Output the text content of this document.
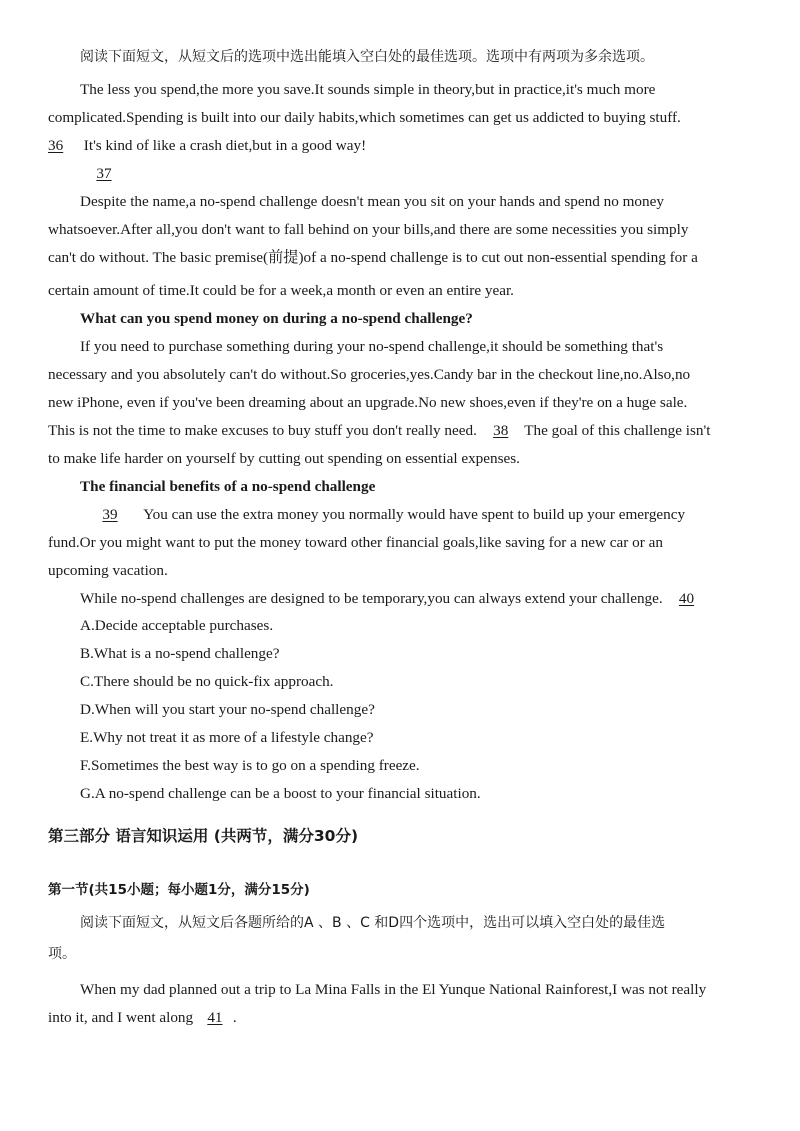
阅读下面短文，从短文后的选项中选出能填入空白处的最佳选项。选项中有两项为多余选项。
The less you spend,the more you save.It sounds simple in theory,but in practice,it's much more
complicated.Spending is built into our daily habits,which sometimes can get us addicted to buying stuff.
36 It's kind of like a crash diet,but in a good way!
37
Despite the name,a no-spend challenge doesn't mean you sit on your hands and spend no money
whatsoever.After all,you don't want to fall behind on your bills,and there are some necessities you simply
can't do without. The basic premise(前提)of a no-spend challenge is to cut out non-essential spending for a
certain amount of time.It could be for a week,a month or even an entire year.
What can you spend money on during a no-spend challenge?
If you need to purchase something during your no-spend challenge,it should be something that's
necessary and you absolutely can't do without.So groceries,yes.Candy bar in the checkout line,no.Also,no
new iPhone, even if you've been dreaming about an upgrade.No new shoes,even if they're on a huge sale.
This is not the time to make excuses to buy stuff you don't really need. 38 The goal of this challenge isn't
to make life harder on yourself by cutting out spending on essential expenses.
The financial benefits of a no-spend challenge
39 You can use the extra money you normally would have spent to build up your emergency
fund.Or you might want to put the money toward other financial goals,like saving for a new car or an
upcoming vacation.
While no-spend challenges are designed to be temporary,you can always extend your challenge. 40
A.Decide acceptable purchases.
B.What is a no-spend challenge?
C.There should be no quick-fix approach.
D.When will you start your no-spend challenge?
E.Why not treat it as more of a lifestyle change?
F.Sometimes the best way is to go on a spending freeze.
G.A no-spend challenge can be a boost to your financial situation.
第三部分 语言知识运用 (共两节，满分30分)
第一节(共15小题；每小题1分，满分15分)
阅读下面短文，从短文后各题所给的A 、B 、C 和D四个选项中，选出可以填入空白处的最佳选
项。
When my dad planned out a trip to La Mina Falls in the El Yunque National Rainforest,I was not really
into it, and I went along 41 .
